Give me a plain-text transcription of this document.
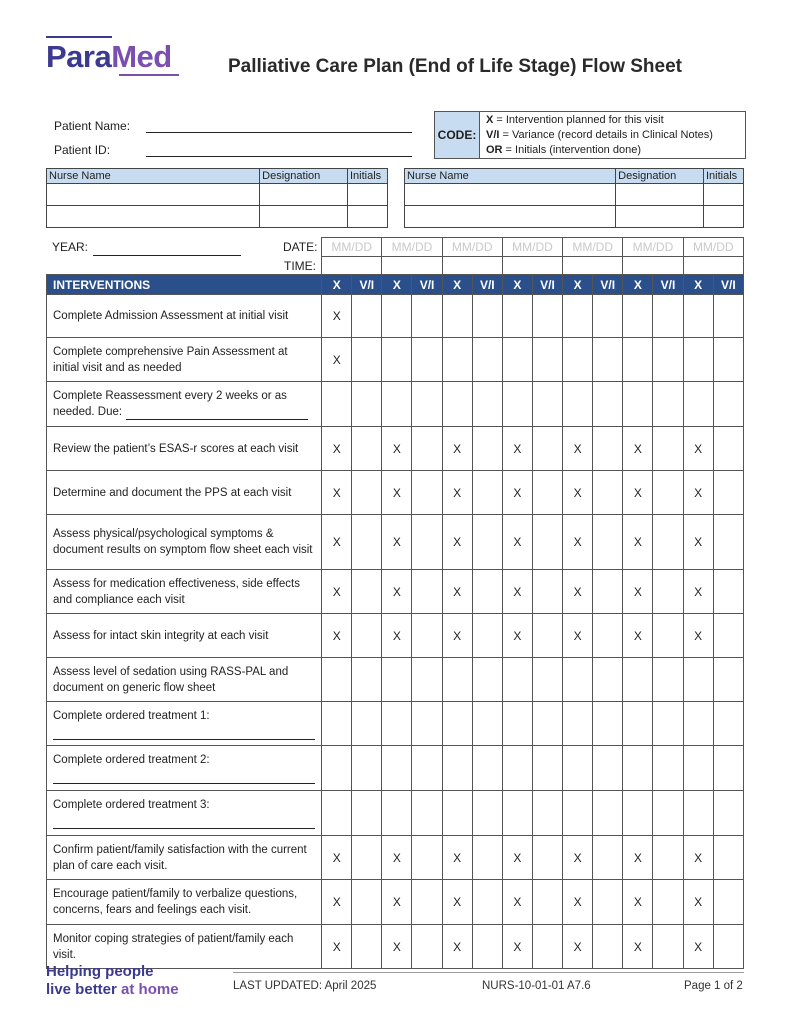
ParaMed	Palliative Care Plan (End of Life Stage) Flow Sheet
Patient Name:
Patient ID:
CODE:
X = Intervention planned for this visit
V/I = Variance (record details in Clinical Notes)
OR = Initials (intervention done)
Nurse Name	Designation	Initials

		Nurse Name	Designation	Initials

YEAR:	DATE:
TIME:
	MM/DD		MM/DD		MM/DD		MM/DD		MM/DD		MM/DD		MM/DD	

INTERVENTIONS	X	V/I	X	V/I	X	V/I	X	V/I	X	V/I	X	V/I	X	V/I
Complete Admission Assessment at initial visit	X													
Complete comprehensive Pain Assessment at initial visit and as needed	X													
Complete Reassessment every 2 weeks or as needed. Due:														
Review the patient’s ESAS-r scores at each visit	X		X		X		X		X		X		X	
Determine and document the PPS at each visit	X		X		X		X		X		X		X	
Assess physical/psychological symptoms & document results on symptom flow sheet each visit	X		X		X		X		X		X		X	
Assess for medication effectiveness, side effects and compliance each visit	X		X		X		X		X		X		X	
Assess for intact skin integrity at each visit	X		X		X		X		X		X		X	
Assess level of sedation using RASS-PAL and document on generic flow sheet														
Complete ordered treatment 1:

Complete ordered treatment 2:

Complete ordered treatment 3:

Confirm patient/family satisfaction with the current plan of care each visit.	X		X		X		X		X		X		X	
Encourage patient/family to verbalize questions, concerns, fears and feelings each visit.	X		X		X		X		X		X		X	
Monitor coping strategies of patient/family each visit.	X		X		X		X		X		X		X	
Helping people
live better at home	LAST UPDATED: April 2025	NURS-10-01-01 A7.6	Page 1 of 2
